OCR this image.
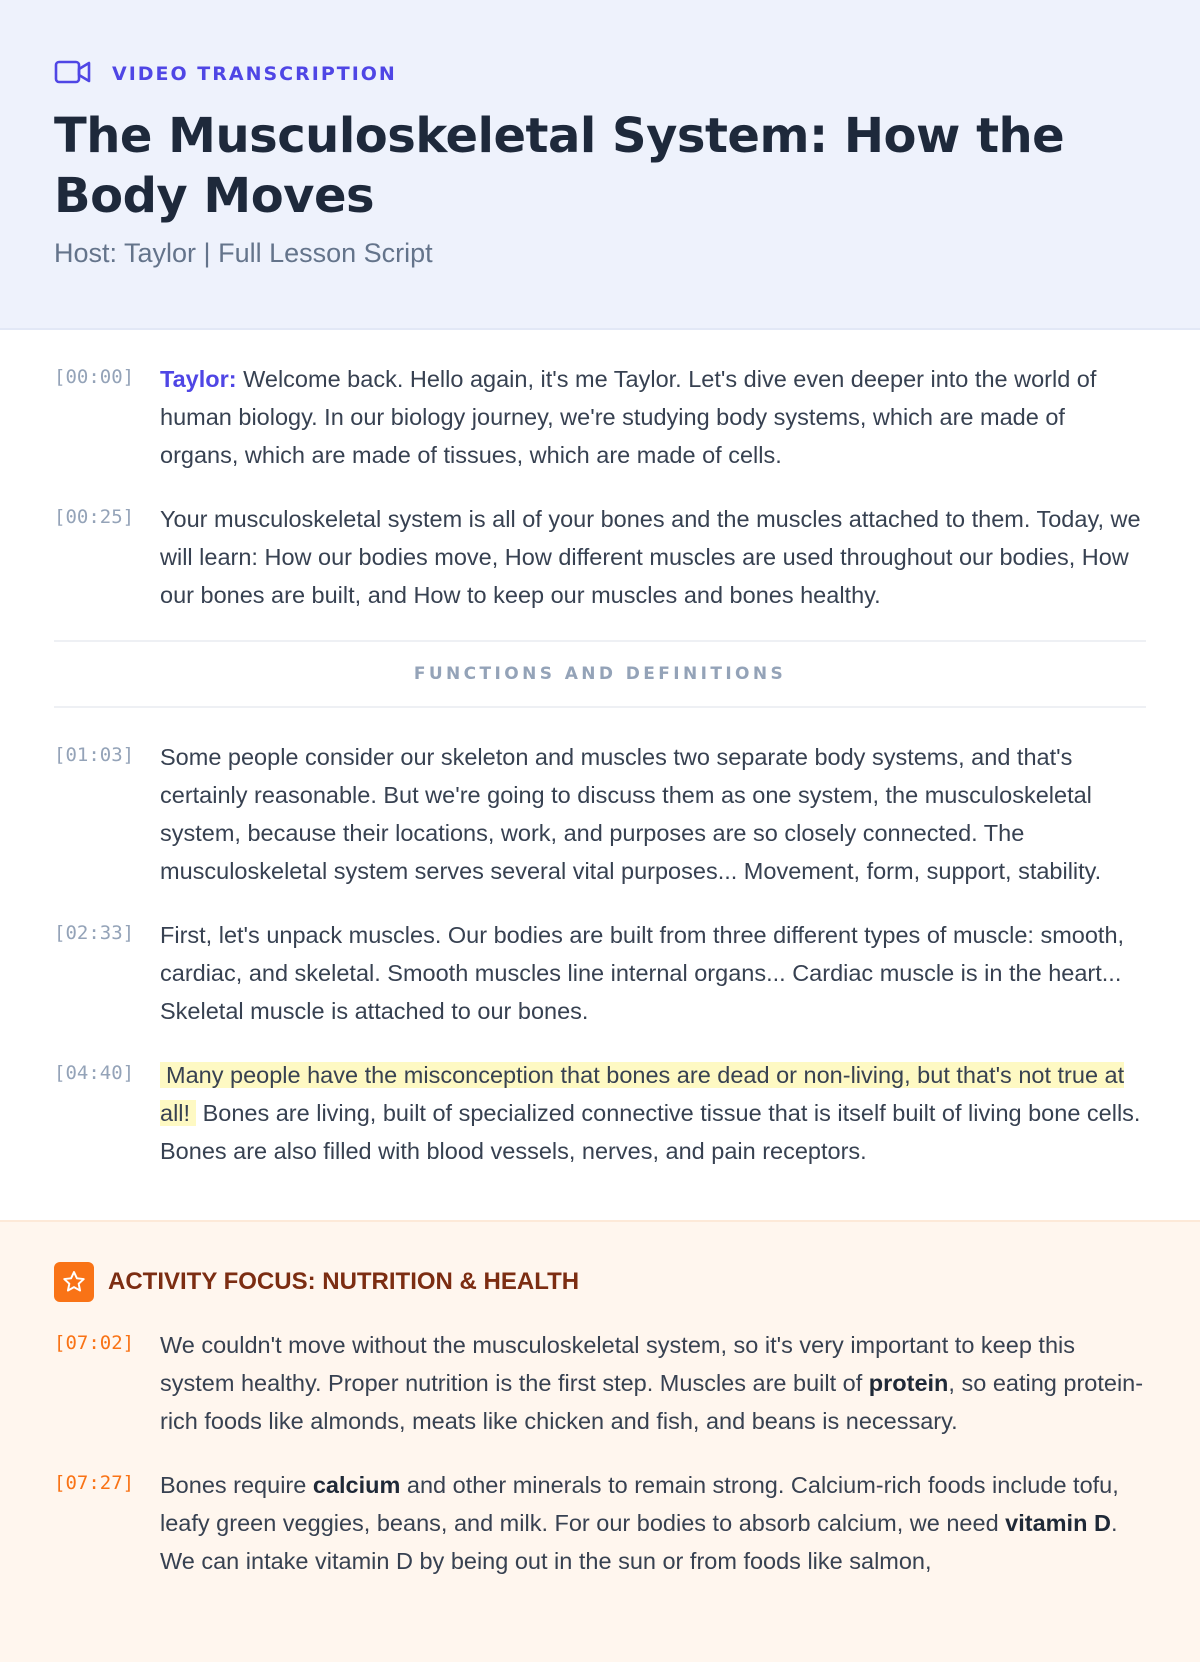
VIDEO TRANSCRIPTION
The Musculoskeletal System: How the Body Moves
Host: Taylor | Full Lesson Script
[00:00]	Taylor: Welcome back. Hello again, it's me Taylor. Let's dive even deeper into the world of human biology. In our biology journey, we're studying body systems, which are made of organs, which are made of tissues, which are made of cells.
[00:25]	Your musculoskeletal system is all of your bones and the muscles attached to them. Today, we will learn: How our bodies move, How different muscles are used throughout our bodies, How our bones are built, and How to keep our muscles and bones healthy.
FUNCTIONS AND DEFINITIONS
[01:03]	Some people consider our skeleton and muscles two separate body systems, and that's certainly reasonable. But we're going to discuss them as one system, the musculoskeletal system, because their locations, work, and purposes are so closely connected. The musculoskeletal system serves several vital purposes... Movement, form, support, stability.
[02:33]	First, let's unpack muscles. Our bodies are built from three different types of muscle: smooth, cardiac, and skeletal. Smooth muscles line internal organs... Cardiac muscle is in the heart... Skeletal muscle is attached to our bones.
[04:40]	Many people have the misconception that bones are dead or non-living, but that's not true at all! Bones are living, built of specialized connective tissue that is itself built of living bone cells. Bones are also filled with blood vessels, nerves, and pain receptors.
ACTIVITY FOCUS: NUTRITION & HEALTH
[07:02]	We couldn't move without the musculoskeletal system, so it's very important to keep this system healthy. Proper nutrition is the first step. Muscles are built of protein, so eating protein-rich foods like almonds, meats like chicken and fish, and beans is necessary.
[07:27]	Bones require calcium and other minerals to remain strong. Calcium-rich foods include tofu, leafy green veggies, beans, and milk. For our bodies to absorb calcium, we need vitamin D. We can intake vitamin D by being out in the sun or from foods like salmon,
